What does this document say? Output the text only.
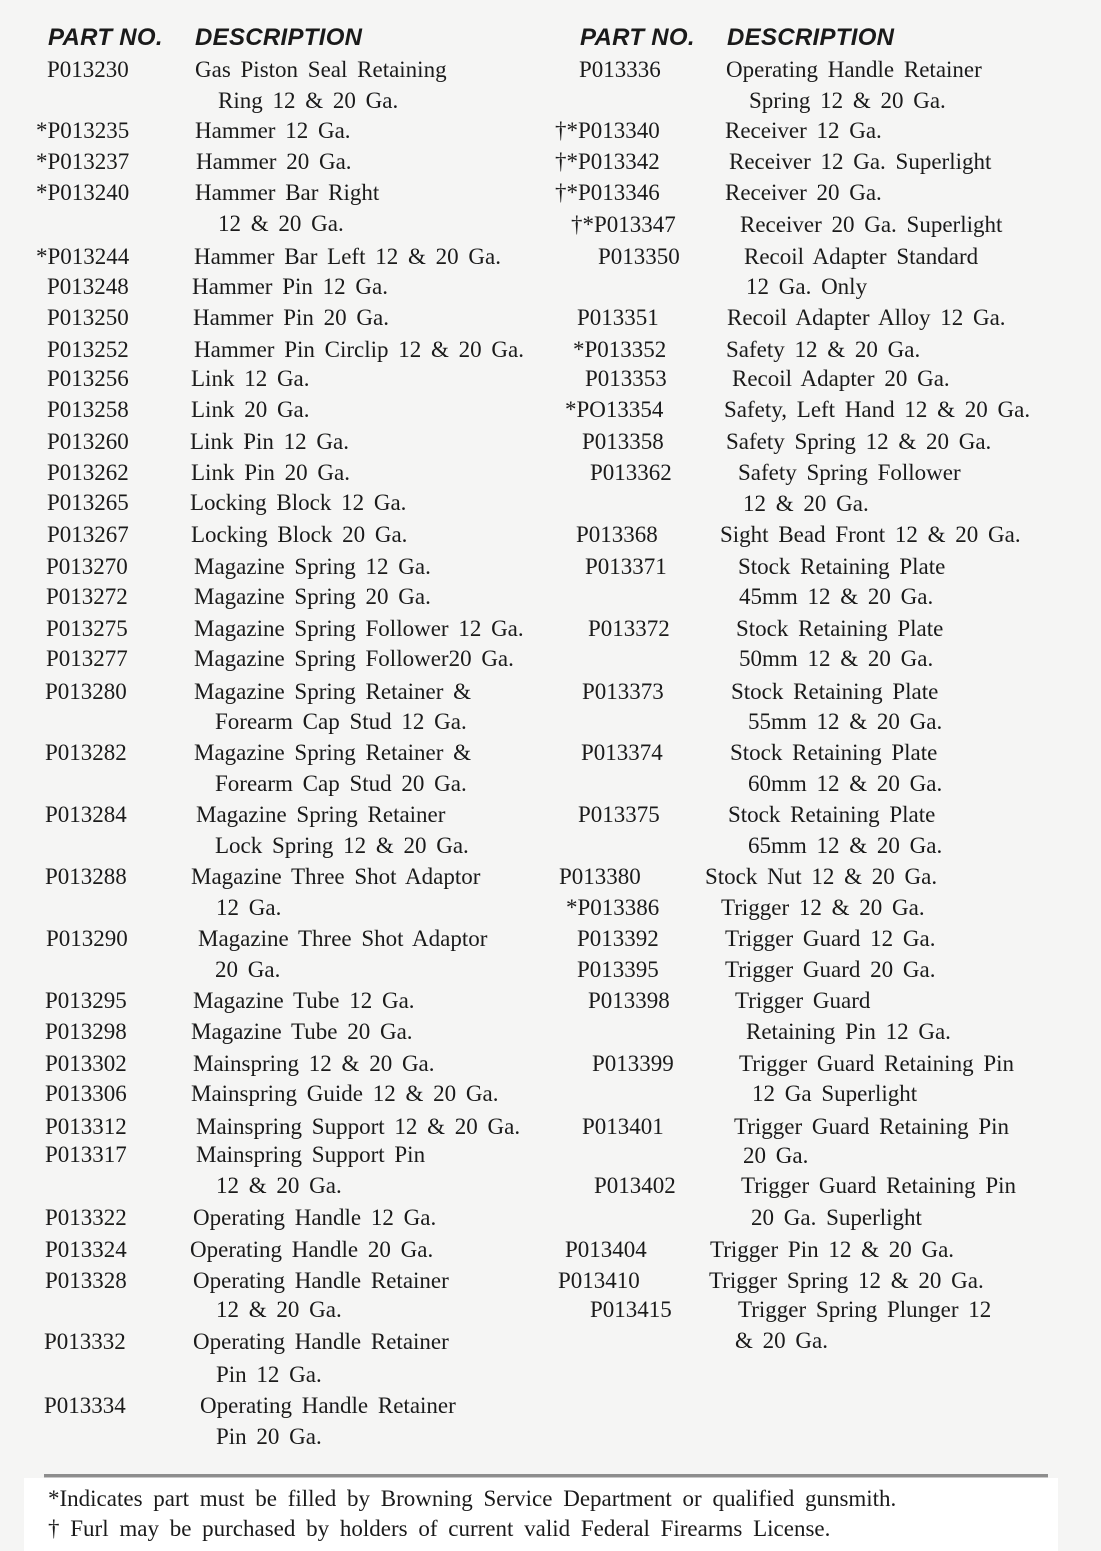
PART NO. DESCRIPTION	PART NO. DESCRIPTION
P013230	Gas Piston Seal Retaining
Ring 12 & 20 Ga.
*P013235	Hammer 12 Ga.
*P013237	Hammer 20 Ga.
*P013240	Hammer Bar Right
12 & 20 Ga.
*P013244	Hammer Bar Left 12 & 20 Ga.
P013248	Hammer Pin 12 Ga.
P013250	Hammer Pin 20 Ga.
P013252	Hammer Pin Circlip 12 & 20 Ga.
P013256	Link 12 Ga.
P013258	Link 20 Ga.
P013260	Link Pin 12 Ga.
P013262	Link Pin 20 Ga.
P013265	Locking Block 12 Ga.
P013267	Locking Block 20 Ga.
P013270	Magazine Spring 12 Ga.
P013272	Magazine Spring 20 Ga.
P013275	Magazine Spring Follower 12 Ga.
P013277	Magazine Spring Follower20 Ga.
P013280	Magazine Spring Retainer &
Forearm Cap Stud 12 Ga.
P013282	Magazine Spring Retainer &
Forearm Cap Stud 20 Ga.
P013284	Magazine Spring Retainer
Lock Spring 12 & 20 Ga.
P013288	Magazine Three Shot Adaptor
12 Ga.
P013290	Magazine Three Shot Adaptor
20 Ga.
P013295	Magazine Tube 12 Ga.
P013298	Magazine Tube 20 Ga.
P013302	Mainspring 12 & 20 Ga.
P013306	Mainspring Guide 12 & 20 Ga.
P013312	Mainspring Support 12 & 20 Ga.
P013317	Mainspring Support Pin
12 & 20 Ga.
P013322	Operating Handle 12 Ga.
P013324	Operating Handle 20 Ga.
P013328	Operating Handle Retainer
12 & 20 Ga.
P013332	Operating Handle Retainer
Pin 12 Ga.
P013334	Operating Handle Retainer
Pin 20 Ga.
P013336	Operating Handle Retainer
Spring 12 & 20 Ga.
†*P013340	Receiver 12 Ga.
†*P013342	Receiver 12 Ga. Superlight
†*P013346	Receiver 20 Ga.
†*P013347	Receiver 20 Ga. Superlight
P013350	Recoil Adapter Standard
12 Ga. Only
P013351	Recoil Adapter Alloy 12 Ga.
*P013352	Safety 12 & 20 Ga.
P013353	Recoil Adapter 20 Ga.
*PO13354	Safety, Left Hand 12 & 20 Ga.
P013358	Safety Spring 12 & 20 Ga.
P013362	Safety Spring Follower
12 & 20 Ga.
P013368	Sight Bead Front 12 & 20 Ga.
P013371	Stock Retaining Plate
45mm 12 & 20 Ga.
P013372	Stock Retaining Plate
50mm 12 & 20 Ga.
P013373	Stock Retaining Plate
55mm 12 & 20 Ga.
P013374	Stock Retaining Plate
60mm 12 & 20 Ga.
P013375	Stock Retaining Plate
65mm 12 & 20 Ga.
P013380	Stock Nut 12 & 20 Ga.
*P013386	Trigger 12 & 20 Ga.
P013392	Trigger Guard 12 Ga.
P013395	Trigger Guard 20 Ga.
P013398	Trigger Guard
Retaining Pin 12 Ga.
P013399	Trigger Guard Retaining Pin
12 Ga Superlight
P013401	Trigger Guard Retaining Pin
20 Ga.
P013402	Trigger Guard Retaining Pin
20 Ga. Superlight
P013404	Trigger Pin 12 & 20 Ga.
P013410	Trigger Spring 12 & 20 Ga.
P013415	Trigger Spring Plunger 12
& 20 Ga.
*Indicates part must be filled by Browning Service Department or qualified gunsmith.
† Furl may be purchased by holders of current valid Federal Firearms License.
